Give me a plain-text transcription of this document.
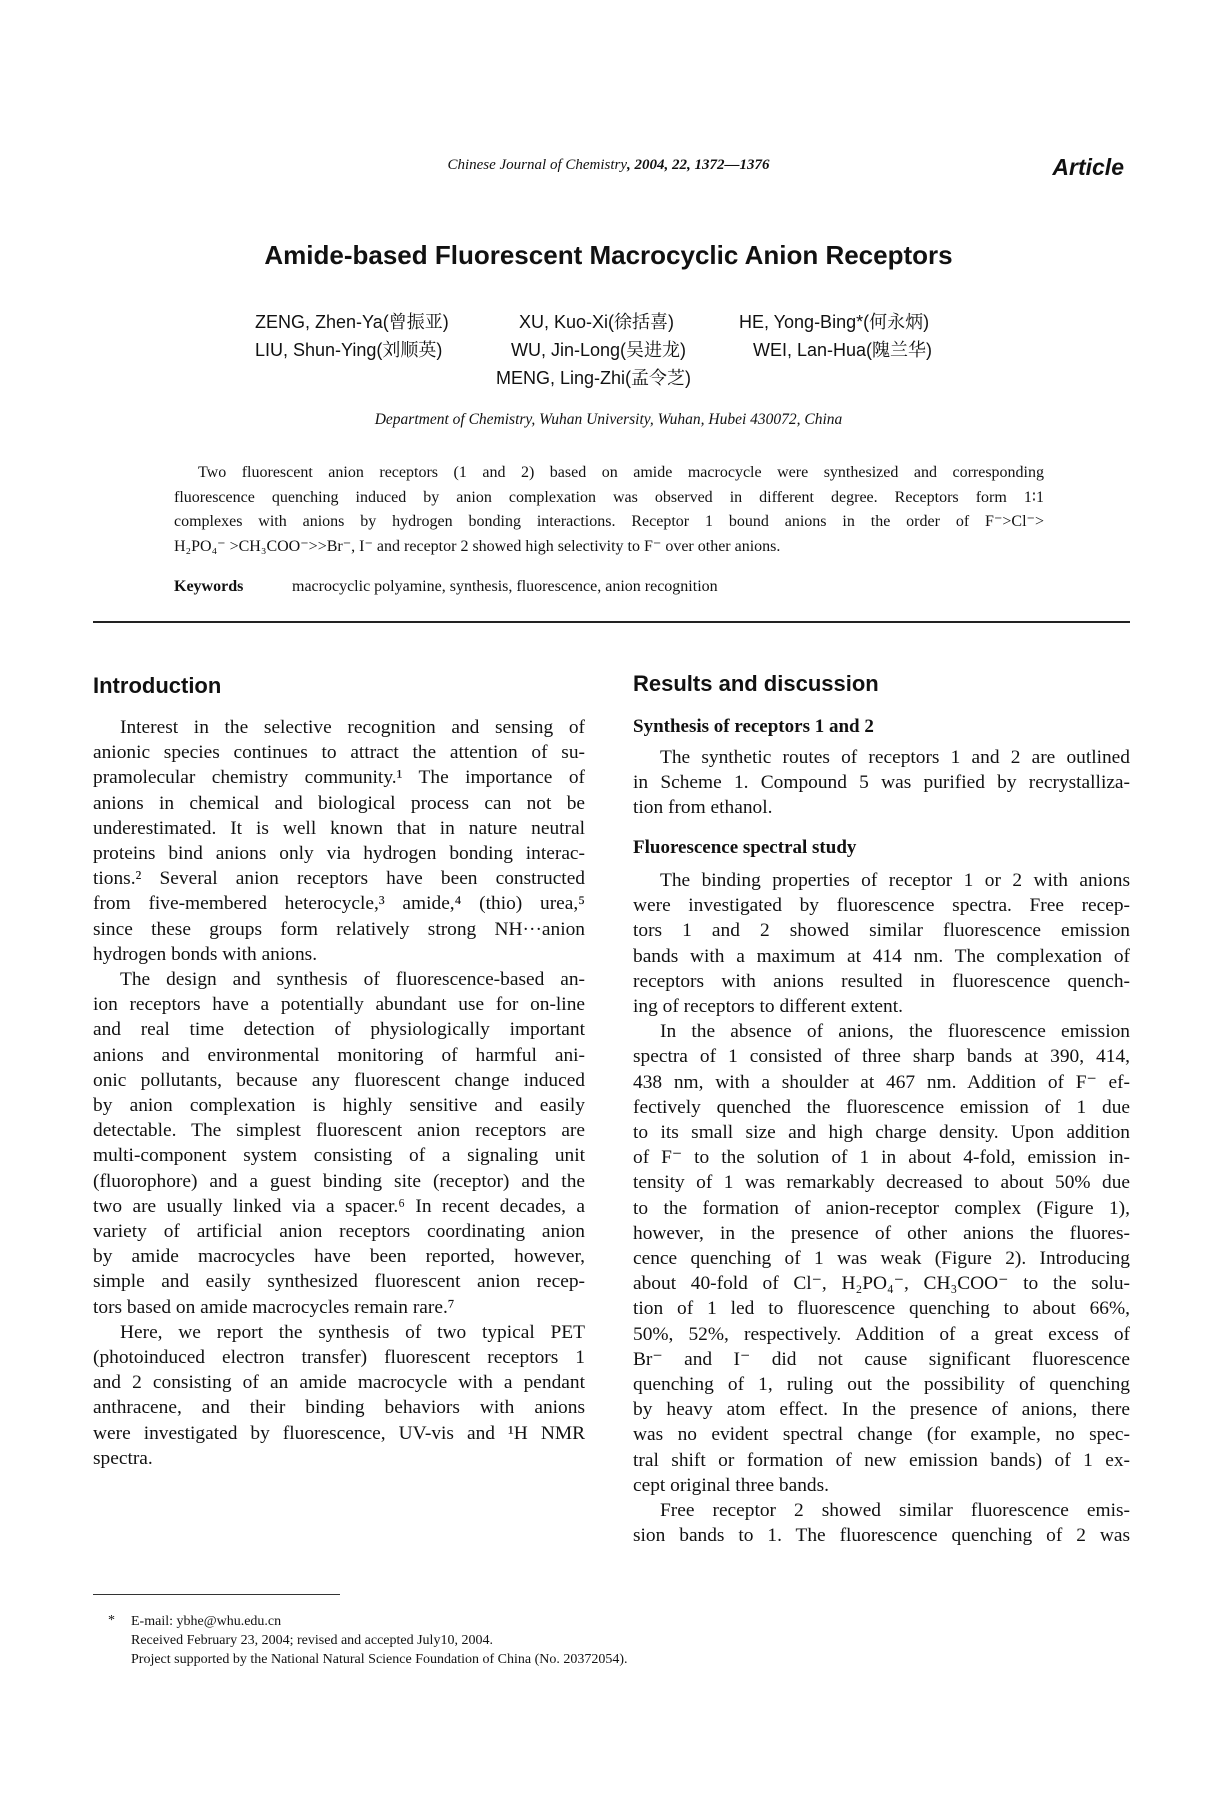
Chinese Journal of Chemistry, 2004, 22, 1372—1376	Article
Amide-based Fluorescent Macrocyclic Anion Receptors
ZENG, Zhen-Ya(曾振亚)	XU, Kuo-Xi(徐括喜)	HE, Yong-Bing*(何永炳)
LIU, Shun-Ying(刘顺英)	WU, Jin-Long(吴进龙)	WEI, Lan-Hua(隗兰华)
MENG, Ling-Zhi(孟令芝)
Department of Chemistry, Wuhan University, Wuhan, Hubei 430072, China
Two fluorescent anion receptors (1 and 2) based on amide macrocycle were synthesized and corresponding
fluorescence quenching induced by anion complexation was observed in different degree. Receptors form 1∶1
complexes with anions by hydrogen bonding interactions. Receptor 1 bound anions in the order of F⁻>Cl⁻>
H₂PO₄⁻ >CH₃COO⁻>>Br⁻, I⁻ and receptor 2 showed high selectivity to F⁻ over other anions.
Keywords	macrocyclic polyamine, synthesis, fluorescence, anion recognition
Introduction
Interest in the selective recognition and sensing of
anionic species continues to attract the attention of su-
pramolecular chemistry community.¹ The importance of
anions in chemical and biological process can not be
underestimated. It is well known that in nature neutral
proteins bind anions only via hydrogen bonding interac-
tions.² Several anion receptors have been constructed
from five-membered heterocycle,³ amide,⁴ (thio) urea,⁵
since these groups form relatively strong NH···anion
hydrogen bonds with anions.
The design and synthesis of fluorescence-based an-
ion receptors have a potentially abundant use for on-line
and real time detection of physiologically important
anions and environmental monitoring of harmful ani-
onic pollutants, because any fluorescent change induced
by anion complexation is highly sensitive and easily
detectable. The simplest fluorescent anion receptors are
multi-component system consisting of a signaling unit
(fluorophore) and a guest binding site (receptor) and the
two are usually linked via a spacer.⁶ In recent decades, a
variety of artificial anion receptors coordinating anion
by amide macrocycles have been reported, however,
simple and easily synthesized fluorescent anion recep-
tors based on amide macrocycles remain rare.⁷
Here, we report the synthesis of two typical PET
(photoinduced electron transfer) fluorescent receptors 1
and 2 consisting of an amide macrocycle with a pendant
anthracene, and their binding behaviors with anions
were investigated by fluorescence, UV-vis and ¹H NMR
spectra.
Results and discussion
Synthesis of receptors 1 and 2
The synthetic routes of receptors 1 and 2 are outlined
in Scheme 1. Compound 5 was purified by recrystalliza-
tion from ethanol.
Fluorescence spectral study
The binding properties of receptor 1 or 2 with anions
were investigated by fluorescence spectra. Free recep-
tors 1 and 2 showed similar fluorescence emission
bands with a maximum at 414 nm. The complexation of
receptors with anions resulted in fluorescence quench-
ing of receptors to different extent.
In the absence of anions, the fluorescence emission
spectra of 1 consisted of three sharp bands at 390, 414,
438 nm, with a shoulder at 467 nm. Addition of F⁻ ef-
fectively quenched the fluorescence emission of 1 due
to its small size and high charge density. Upon addition
of F⁻ to the solution of 1 in about 4-fold, emission in-
tensity of 1 was remarkably decreased to about 50% due
to the formation of anion-receptor complex (Figure 1),
however, in the presence of other anions the fluores-
cence quenching of 1 was weak (Figure 2). Introducing
about 40-fold of Cl⁻, H₂PO₄⁻, CH₃COO⁻ to the solu-
tion of 1 led to fluorescence quenching to about 66%,
50%, 52%, respectively. Addition of a great excess of
Br⁻ and I⁻ did not cause significant fluorescence
quenching of 1, ruling out the possibility of quenching
by heavy atom effect. In the presence of anions, there
was no evident spectral change (for example, no spec-
tral shift or formation of new emission bands) of 1 ex-
cept original three bands.
Free receptor 2 showed similar fluorescence emis-
sion bands to 1. The fluorescence quenching of 2 was
* E-mail: ybhe@whu.edu.cn
Received February 23, 2004; revised and accepted July10, 2004.
Project supported by the National Natural Science Foundation of China (No. 20372054).
